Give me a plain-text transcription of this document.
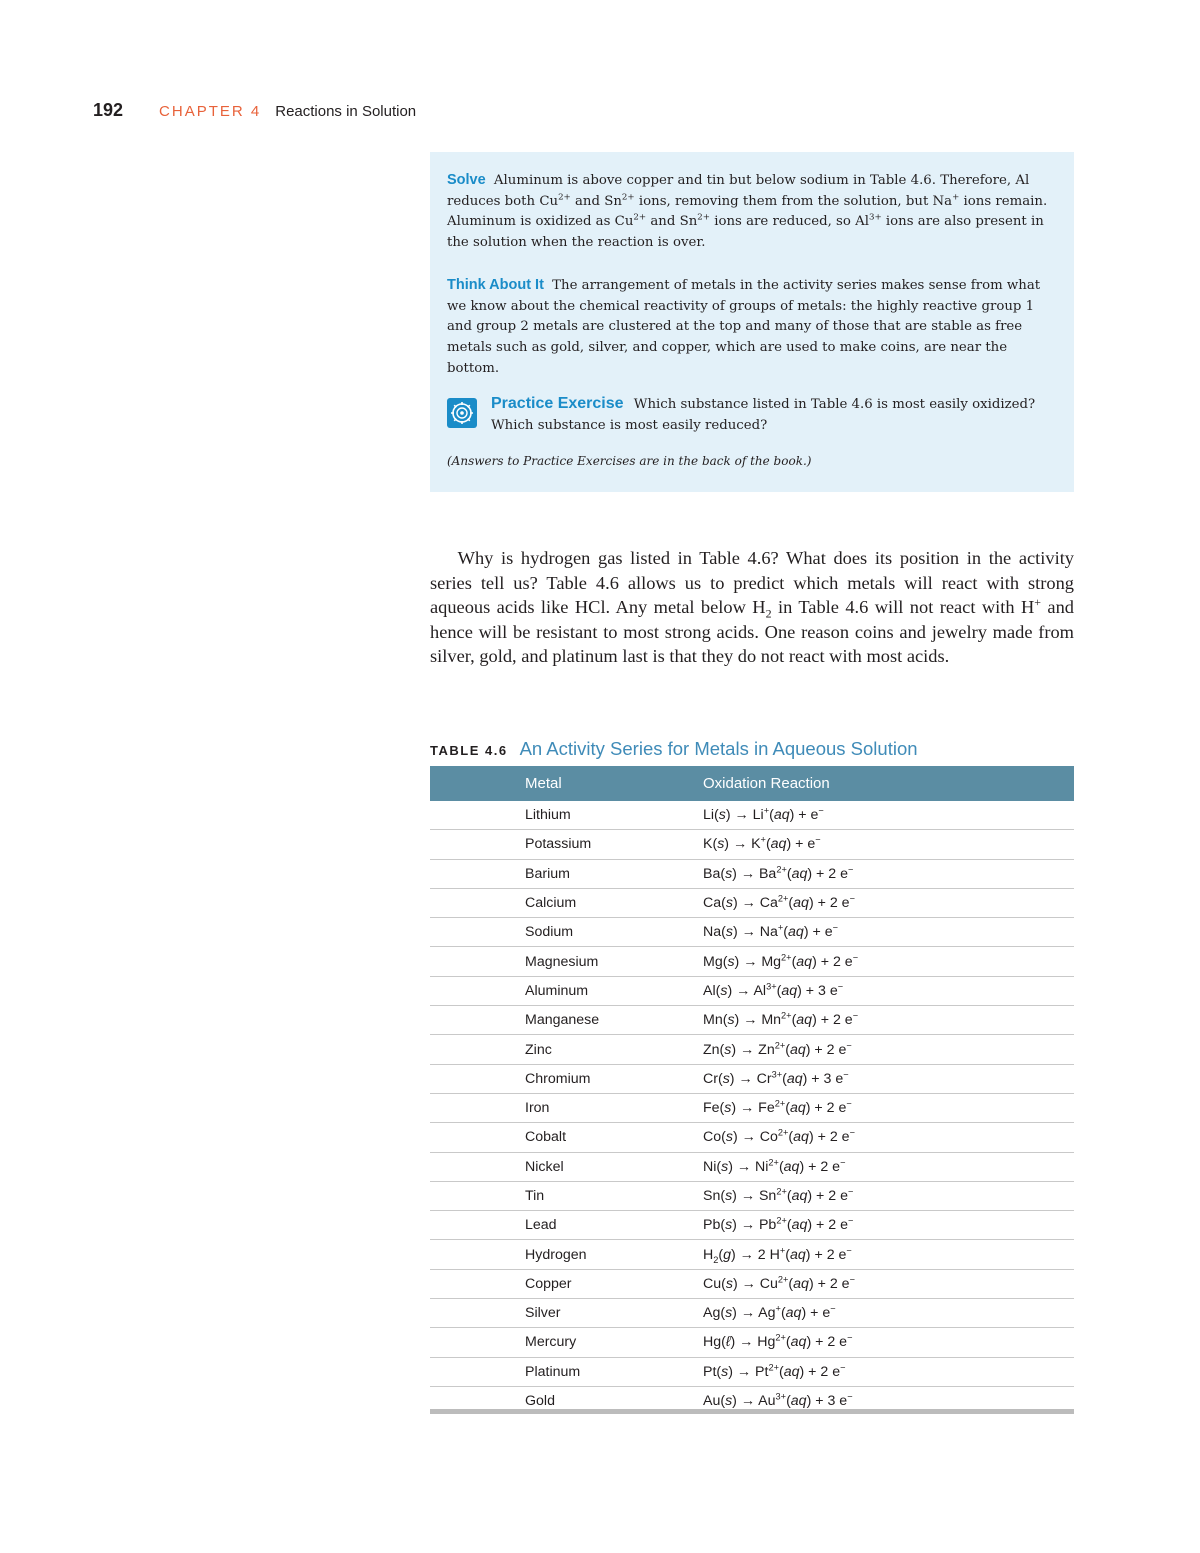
192 CHAPTER 4 Reactions in Solution

Solve Aluminum is above copper and tin but below sodium in Table 4.6. Therefore, Al reduces both $Cu^{2+}$ and $Sn^{2+}$ ions, removing them from the solution, but Na+ ions remain. Aluminum is oxidized as $Cu^{2+}$ and $Sn^{2+}$ ions are reduced, so $Al^{3+}$ ions are also present in the solution when the reaction is over.

Think About It The arrangement of metals in the activity series makes sense from what we know about the chemical reactivity of groups of metals: the highly reactive group 1 and group 2 metals are clustered at the top and many of those that are stable as free metals such as gold, silver, and copper, which are used to make coins, are near the bottom.

Practice Exercise Which substance listed in Table 4.6 is most easily oxidized? Which substance is most easily reduced?
(Answers to Practice Exercises are in the back of the book.)

  Why is hydrogen gas listed in Table 4.6? What does its position in the activity series tell us? Table 4.6 allows us to predict which metals will react with strong aqueous acids like HCl. Any metal below $H_2$ in Table 4.6 will not react with H+ and hence will be resistant to most strong acids. One reason coins and jewelry made from silver, gold, and platinum last is that they do not react with most acids.

TABLE 4.6 An Activity Series for Metals in Aqueous Solution
Metal	Oxidation Reaction
Lithium	Li(s) → Li+(aq) + e−
Potassium	K(s) → K+(aq) + e−
Barium	$Ba(s) \to Ba^{2+}(aq) + 2$ e−
Calcium	$Ca(s) \to Ca^{2+}(aq) + 2$ e−
Sodium	Na(s) → Na+(aq) + e−
Magnesium	$Mg(s) \to Mg^{2+}(aq) + 2$ e−
Aluminum	$Al(s) \to Al^{3+}(aq) + 3$ e−
Manganese	$Mn(s) \to Mn^{2+}(aq) + 2$ e−
Zinc	$Zn(s) \to Zn^{2+}(aq) + 2$ e−
Chromium	$Cr(s) \to Cr^{3+}(aq) + 3$ e−
Iron	$Fe(s) \to Fe^{2+}(aq) + 2$ e−
Cobalt	$Co(s) \to Co^{2+}(aq) + 2$ e−
Nickel	$Ni(s) \to Ni^{2+}(aq) + 2$ e−
Tin	$Sn(s) \to Sn^{2+}(aq) + 2$ e−
Lead	$Pb(s) \to Pb^{2+}(aq) + 2$ e−
Hydrogen	$H_2(g) \to 2$ H+(aq) + 2 e−
Copper	$Cu(s) \to Cu^{2+}(aq) + 2$ e−
Silver	Ag(s) → Ag+(aq) + e−
Mercury	Hg(ℓ) → $Hg^{2+}(aq) + 2$ e−
Platinum	$Pt(s) \to Pt^{2+}(aq) + 2$ e−
Gold	$Au(s) \to Au^{3+}(aq) + 3$ e−
